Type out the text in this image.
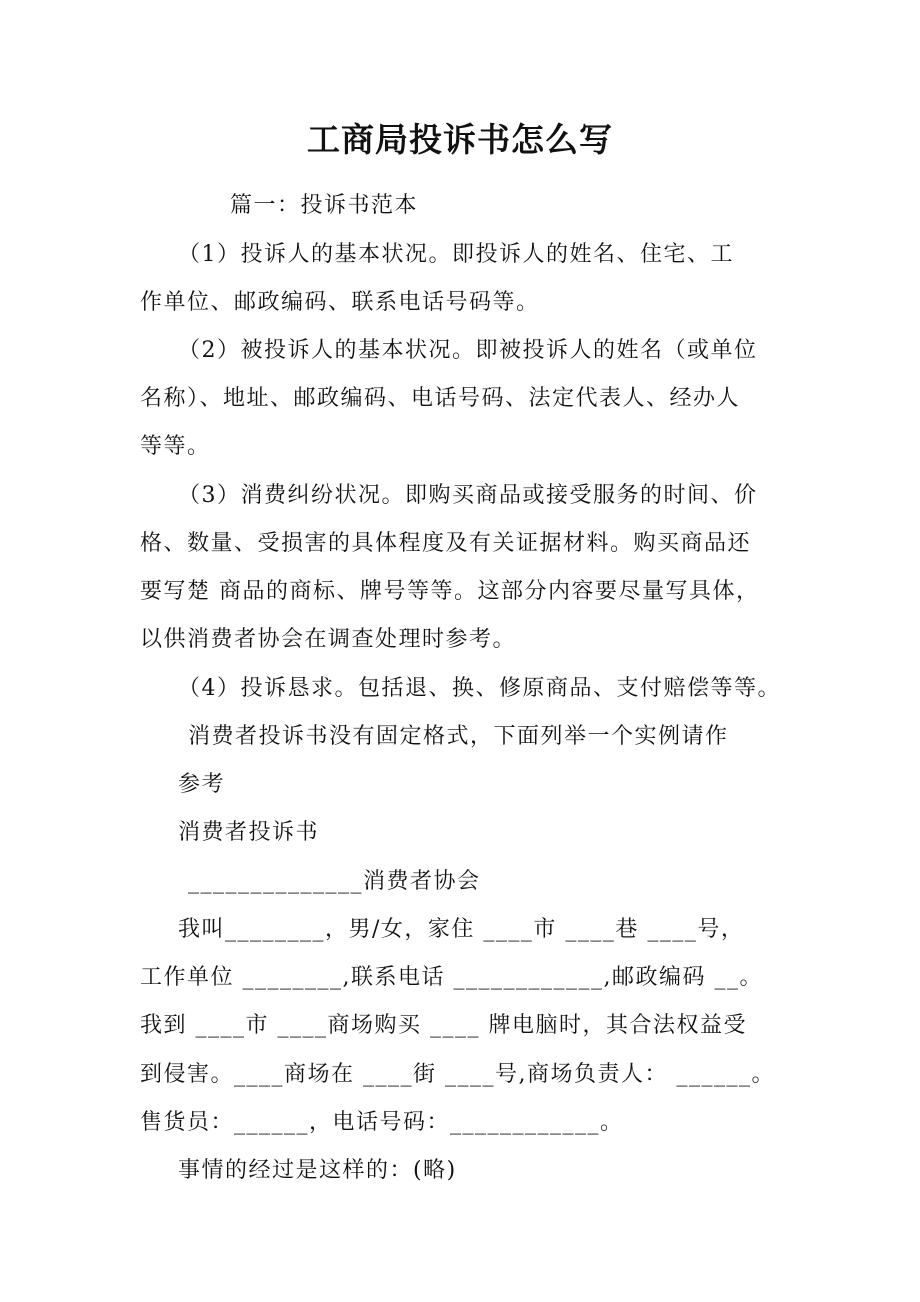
工商局投诉书怎么写
篇一：投诉书范本
（1）投诉人的基本状况。即投诉人的姓名、住宅、工
作单位、邮政编码、联系电话号码等。
（2）被投诉人的基本状况。即被投诉人的姓名（或单位
名称）、地址、邮政编码、电话号码、法定代表人、经办人
等等。
（3）消费纠纷状况。即购买商品或接受服务的时间、价
格、数量、受损害的具体程度及有关证据材料。购买商品还
要写楚 商品的商标、牌号等等。这部分内容要尽量写具体，
以供消费者协会在调查处理时参考。
（4）投诉恳求。包括退、换、修原商品、支付赔偿等等。
消费者投诉书没有固定格式，下面列举一个实例请作
参考
消费者投诉书
______________消费者协会
我叫________，男/女，家住 ____市 ____巷 ____号，
工作单位 ________,联系电话 ____________,邮政编码 __。
我到 ____市 ____商场购买 ____ 牌电脑时，其合法权益受
到侵害。____商场在 ____街 ____号,商场负责人： ______。
售货员：______，电话号码：____________。
事情的经过是这样的：(略)
